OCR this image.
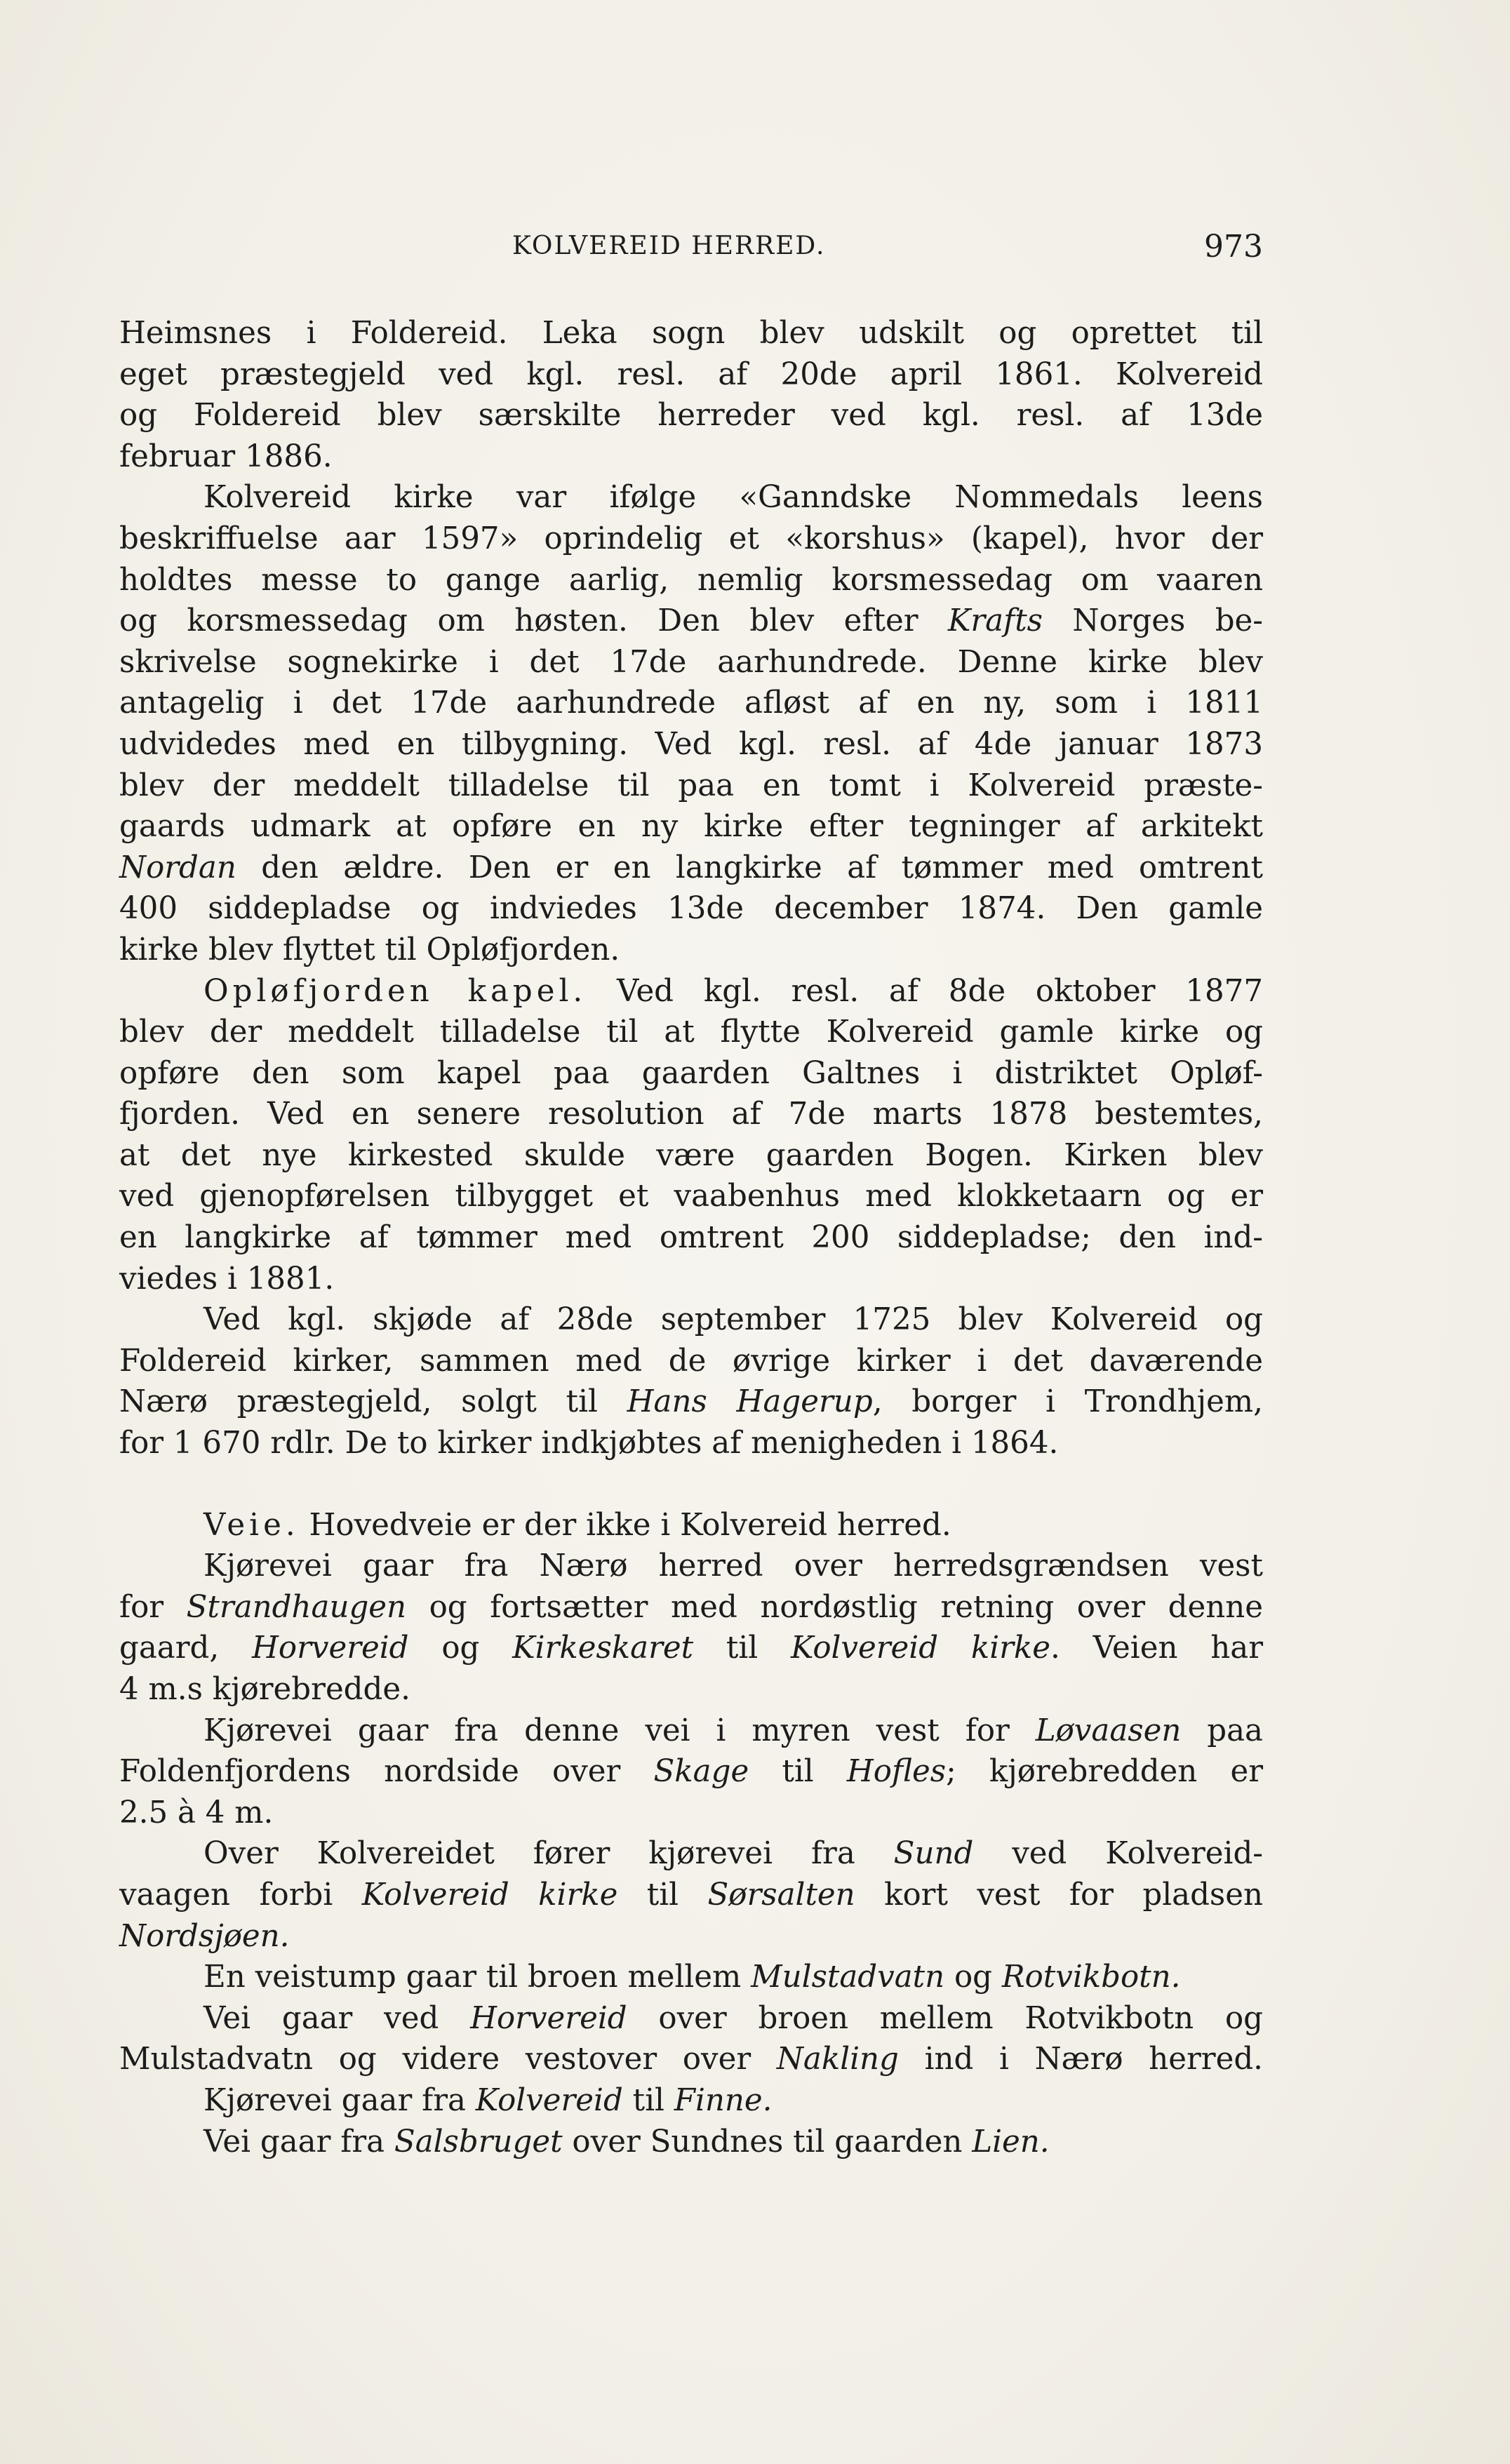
KOLVEREID HERRED.	973
Heimsnes i Foldereid. Leka sogn blev udskilt og oprettet til
eget præstegjeld ved kgl. resl. af 20de april 1861. Kolvereid
og Foldereid blev særskilte herreder ved kgl. resl. af 13de
februar 1886.
Kolvereid kirke var ifølge «Ganndske Nommedals leens
beskriffuelse aar 1597» oprindelig et «korshus» (kapel), hvor der
holdtes messe to gange aarlig, nemlig korsmessedag om vaaren
og korsmessedag om høsten. Den blev efter Krafts Norges be-
skrivelse sognekirke i det 17de aarhundrede. Denne kirke blev
antagelig i det 17de aarhundrede afløst af en ny, som i 1811
udvidedes med en tilbygning. Ved kgl. resl. af 4de januar 1873
blev der meddelt tilladelse til paa en tomt i Kolvereid præste-
gaards udmark at opføre en ny kirke efter tegninger af arkitekt
Nordan den ældre. Den er en langkirke af tømmer med omtrent
400 siddepladse og indviedes 13de december 1874. Den gamle
kirke blev flyttet til Opløfjorden.
Opløfjorden kapel. Ved kgl. resl. af 8de oktober 1877
blev der meddelt tilladelse til at flytte Kolvereid gamle kirke og
opføre den som kapel paa gaarden Galtnes i distriktet Opløf-
fjorden. Ved en senere resolution af 7de marts 1878 bestemtes,
at det nye kirkested skulde være gaarden Bogen. Kirken blev
ved gjenopførelsen tilbygget et vaabenhus med klokketaarn og er
en langkirke af tømmer med omtrent 200 siddepladse; den ind-
viedes i 1881.
Ved kgl. skjøde af 28de september 1725 blev Kolvereid og
Foldereid kirker, sammen med de øvrige kirker i det daværende
Nærø præstegjeld, solgt til Hans Hagerup, borger i Trondhjem,
for 1 670 rdlr. De to kirker indkjøbtes af menigheden i 1864.
Veie. Hovedveie er der ikke i Kolvereid herred.
Kjørevei gaar fra Nærø herred over herredsgrændsen vest
for Strandhaugen og fortsætter med nordøstlig retning over denne
gaard, Horvereid og Kirkeskaret til Kolvereid kirke. Veien har
4 m.s kjørebredde.
Kjørevei gaar fra denne vei i myren vest for Løvaasen paa
Foldenfjordens nordside over Skage til Hofles; kjørebredden er
2.5 à 4 m.
Over Kolvereidet fører kjørevei fra Sund ved Kolvereid-
vaagen forbi Kolvereid kirke til Sørsalten kort vest for pladsen
Nordsjøen.
En veistump gaar til broen mellem Mulstadvatn og Rotvikbotn.
Vei gaar ved Horvereid over broen mellem Rotvikbotn og
Mulstadvatn og videre vestover over Nakling ind i Nærø herred.
Kjørevei gaar fra Kolvereid til Finne.
Vei gaar fra Salsbruget over Sundnes til gaarden Lien.
